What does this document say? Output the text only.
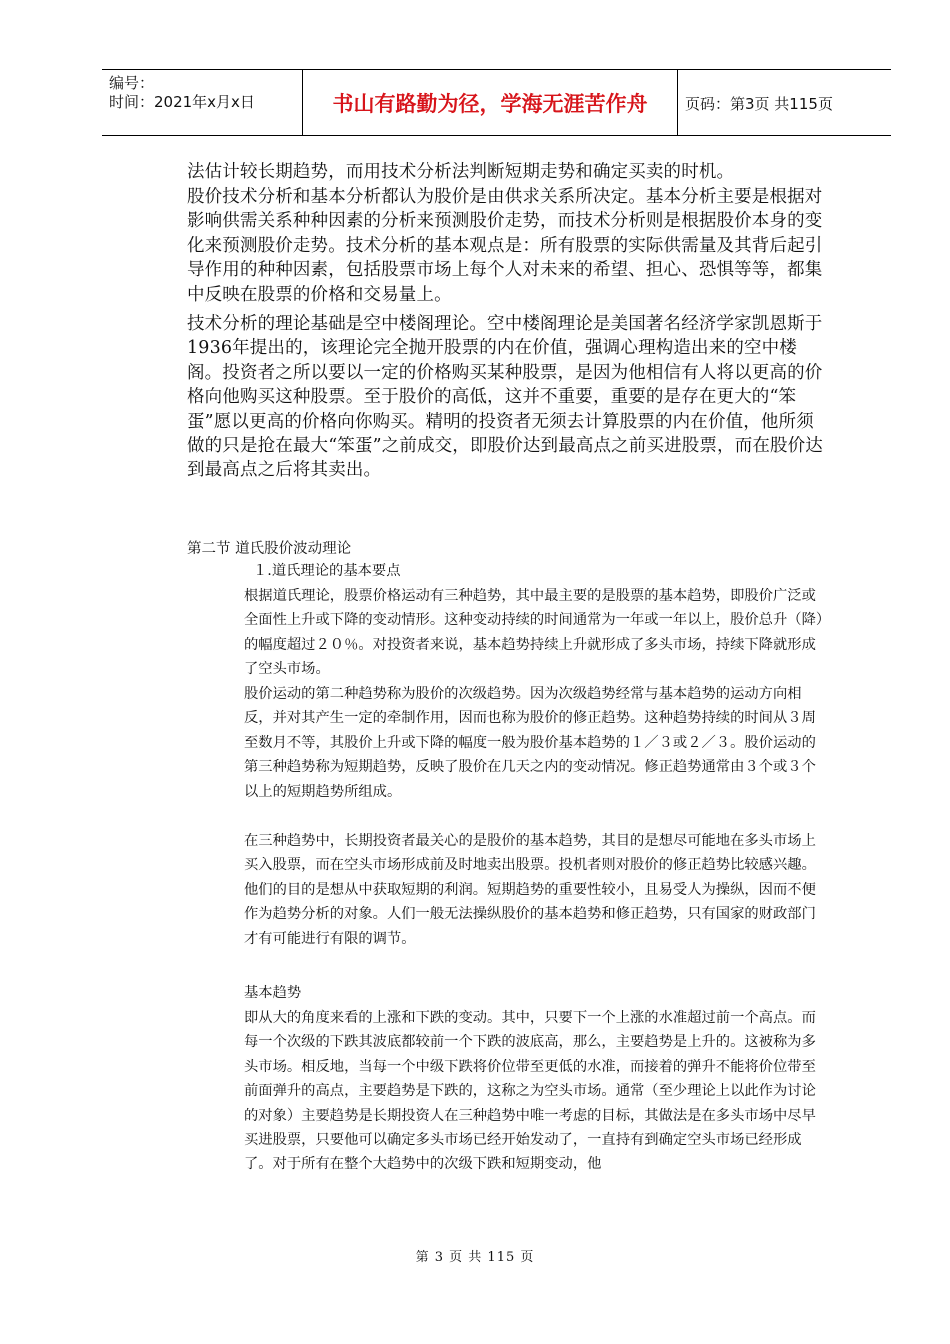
编号：
时间：2021年x月x日	书山有路勤为径，学海无涯苦作舟	页码：第3页 共115页

法估计较长期趋势，而用技术分析法判断短期走势和确定买卖的时机。

股价技术分析和基本分析都认为股价是由供求关系所决定。基本分析主要是根据对影响供需关系种种因素的分析来预测股价走势，而技术分析则是根据股价本身的变化来预测股价走势。技术分析的基本观点是：所有股票的实际供需量及其背后起引导作用的种种因素，包括股票市场上每个人对未来的希望、担心、恐惧等等，都集中反映在股票的价格和交易量上。

技术分析的理论基础是空中楼阁理论。空中楼阁理论是美国著名经济学家凯恩斯于1936年提出的，该理论完全抛开股票的内在价值，强调心理构造出来的空中楼阁。投资者之所以要以一定的价格购买某种股票，是因为他相信有人将以更高的价格向他购买这种股票。至于股价的高低，这并不重要，重要的是存在更大的“笨蛋”愿以更高的价格向你购买。精明的投资者无须去计算股票的内在价值，他所须做的只是抢在最大“笨蛋”之前成交，即股价达到最高点之前买进股票，而在股价达到最高点之后将其卖出。

第二节 道氏股价波动理论

１.道氏理论的基本要点

根据道氏理论，股票价格运动有三种趋势，其中最主要的是股票的基本趋势，即股价广泛或全面性上升或下降的变动情形。这种变动持续的时间通常为一年或一年以上，股价总升（降）的幅度超过２０％。对投资者来说，基本趋势持续上升就形成了多头市场，持续下降就形成了空头市场。

股价运动的第二种趋势称为股价的次级趋势。因为次级趋势经常与基本趋势的运动方向相反，并对其产生一定的牵制作用，因而也称为股价的修正趋势。这种趋势持续的时间从３周至数月不等，其股价上升或下降的幅度一般为股价基本趋势的１／３或２／３。股价运动的第三种趋势称为短期趋势，反映了股价在几天之内的变动情况。修正趋势通常由３个或３个以上的短期趋势所组成。

在三种趋势中，长期投资者最关心的是股价的基本趋势，其目的是想尽可能地在多头市场上买入股票，而在空头市场形成前及时地卖出股票。投机者则对股价的修正趋势比较感兴趣。他们的目的是想从中获取短期的利润。短期趋势的重要性较小，且易受人为操纵，因而不便作为趋势分析的对象。人们一般无法操纵股价的基本趋势和修正趋势，只有国家的财政部门才有可能进行有限的调节。

基本趋势

即从大的角度来看的上涨和下跌的变动。其中，只要下一个上涨的水准超过前一个高点。而每一个次级的下跌其波底都较前一个下跌的波底高，那么，主要趋势是上升的。这被称为多头市场。相反地，当每一个中级下跌将价位带至更低的水准，而接着的弹升不能将价位带至前面弹升的高点，主要趋势是下跌的，这称之为空头市场。通常（至少理论上以此作为讨论的对象）主要趋势是长期投资人在三种趋势中唯一考虑的目标，其做法是在多头市场中尽早买进股票，只要他可以确定多头市场已经开始发动了，一直持有到确定空头市场已经形成了。对于所有在整个大趋势中的次级下跌和短期变动，他

第 3 页 共 115 页
